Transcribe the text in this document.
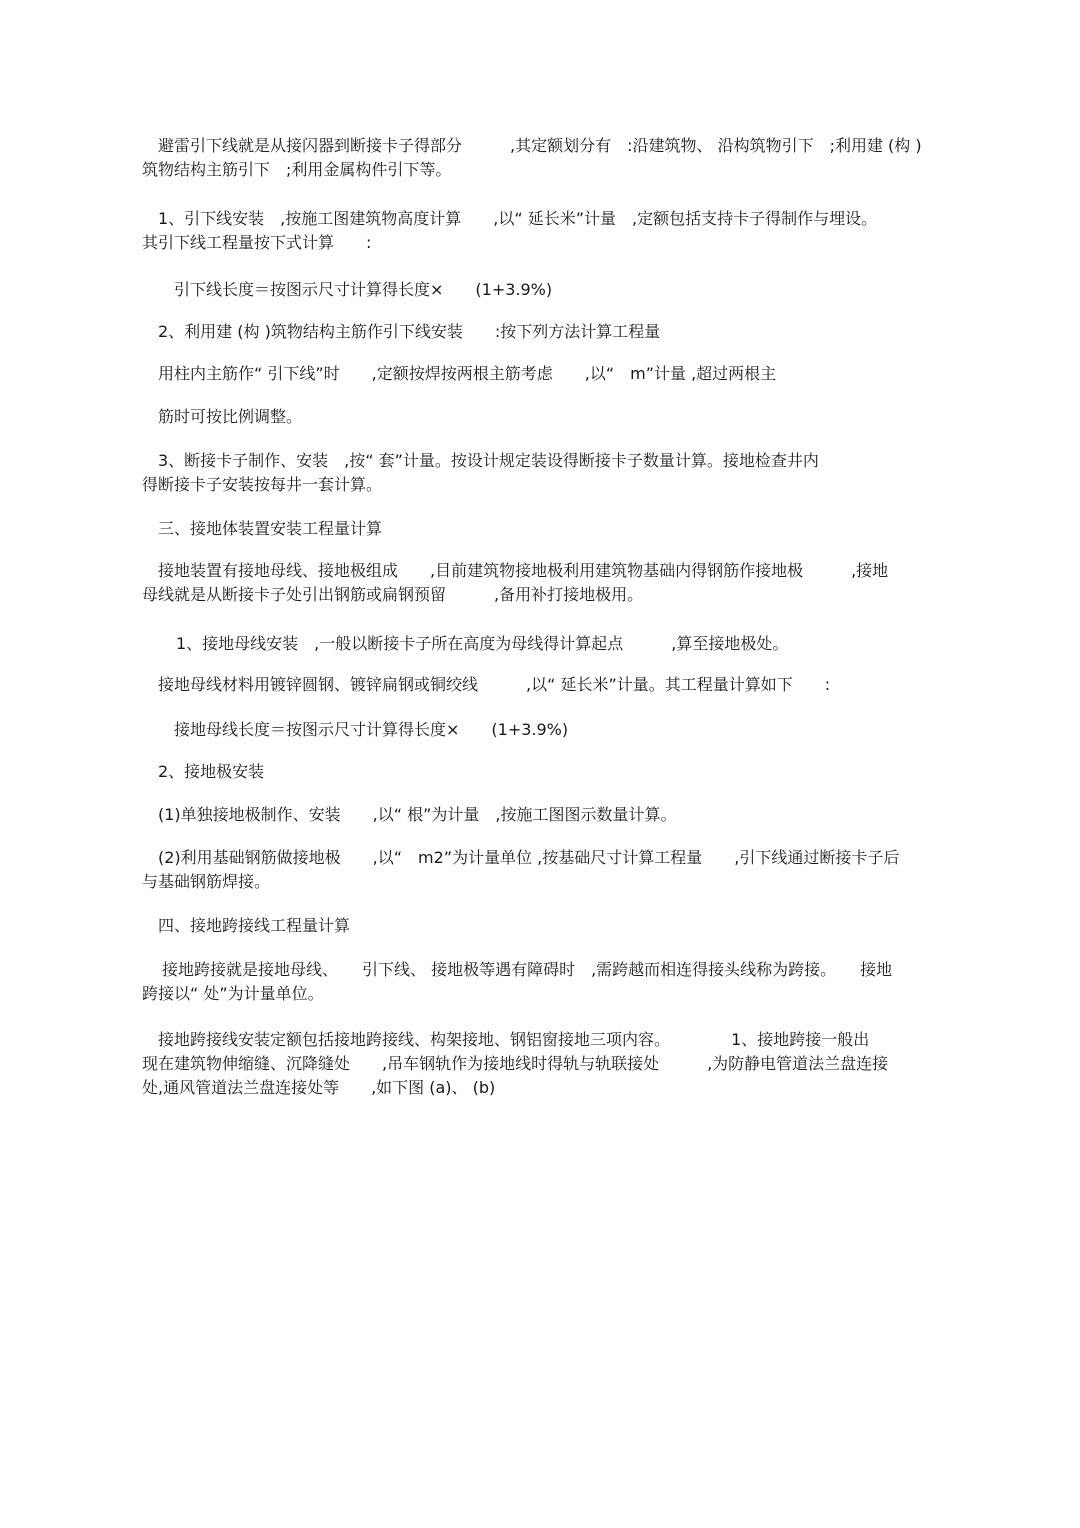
避雷引下线就是从接闪器到断接卡子得部分　　　,其定额划分有　:沿建筑物、 沿构筑物引下　;利用建 (构 )
筑物结构主筋引下　;利用金属构件引下等。
1、引下线安装　,按施工图建筑物高度计算　　,以“ 延长米”计量　,定额包括支持卡子得制作与埋设。
其引下线工程量按下式计算　　:
引下线长度＝按图示尺寸计算得长度×　　(1+3.9%)
2、利用建 (构 )筑物结构主筋作引下线安装　　:按下列方法计算工程量
用柱内主筋作“ 引下线”时　　,定额按焊按两根主筋考虑　　,以“　m”计量 ,超过两根主
筋时可按比例调整。
3、断接卡子制作、安装　,按“ 套”计量。按设计规定装设得断接卡子数量计算。接地检查井内
得断接卡子安装按每井一套计算。
三、接地体装置安装工程量计算
接地装置有接地母线、接地极组成　　,目前建筑物接地极利用建筑物基础内得钢筋作接地极　　　,接地
母线就是从断接卡子处引出钢筋或扁钢预留　　　,备用补打接地极用。
1、接地母线安装　,一般以断接卡子所在高度为母线得计算起点　　　,算至接地极处。
接地母线材料用镀锌圆钢、镀锌扁钢或铜绞线　　　,以“ 延长米”计量。其工程量计算如下　　:
接地母线长度＝按图示尺寸计算得长度×　　(1+3.9%)
2、接地极安装
(1)单独接地极制作、安装　　,以“ 根”为计量　,按施工图图示数量计算。
(2)利用基础钢筋做接地极　　,以“　m2”为计量单位 ,按基础尺寸计算工程量　　,引下线通过断接卡子后
与基础钢筋焊接。
四、接地跨接线工程量计算
接地跨接就是接地母线、　　引下线、 接地极等遇有障碍时　,需跨越而相连得接头线称为跨接。　　接地
跨接以“ 处”为计量单位。
接地跨接线安装定额包括接地跨接线、构架接地、钢铝窗接地三项内容。　　　　 1、接地跨接一般出
现在建筑物伸缩缝、沉降缝处　　,吊车钢轨作为接地线时得轨与轨联接处　　　,为防静电管道法兰盘连接
处,通风管道法兰盘连接处等　　,如下图 (a)、 (b)
